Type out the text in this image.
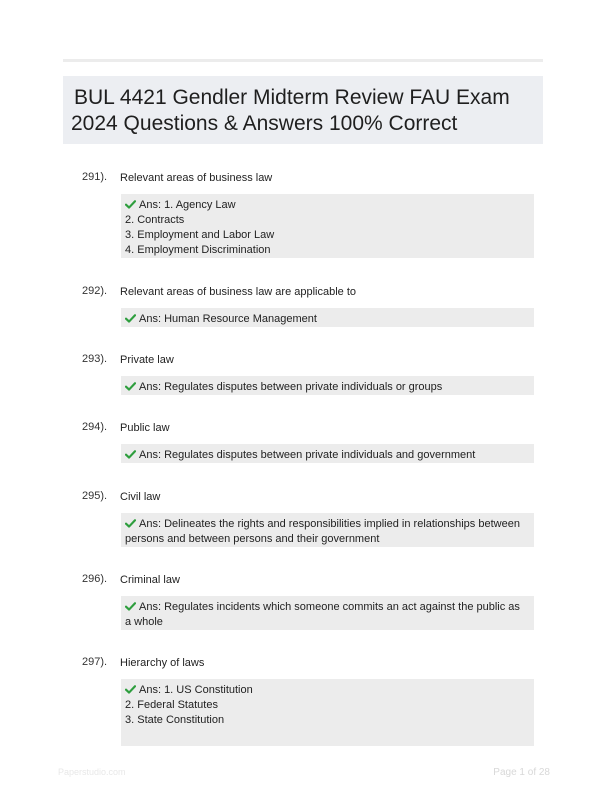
BUL 4421 Gendler Midterm Review FAU Exam
2024 Questions & Answers 100% Correct
291). Relevant areas of business law
Ans: 1. Agency Law
2. Contracts
3. Employment and Labor Law
4. Employment Discrimination
292). Relevant areas of business law are applicable to
Ans: Human Resource Management
293). Private law
Ans: Regulates disputes between private individuals or groups
294). Public law
Ans: Regulates disputes between private individuals and government
295). Civil law
Ans: Delineates the rights and responsibilities implied in relationships between persons and between persons and their government
296). Criminal law
Ans: Regulates incidents which someone commits an act against the public as a whole
297). Hierarchy of laws
Ans: 1. US Constitution
2. Federal Statutes
3. State Constitution
Paperstudio.com	Page 1 of 28
